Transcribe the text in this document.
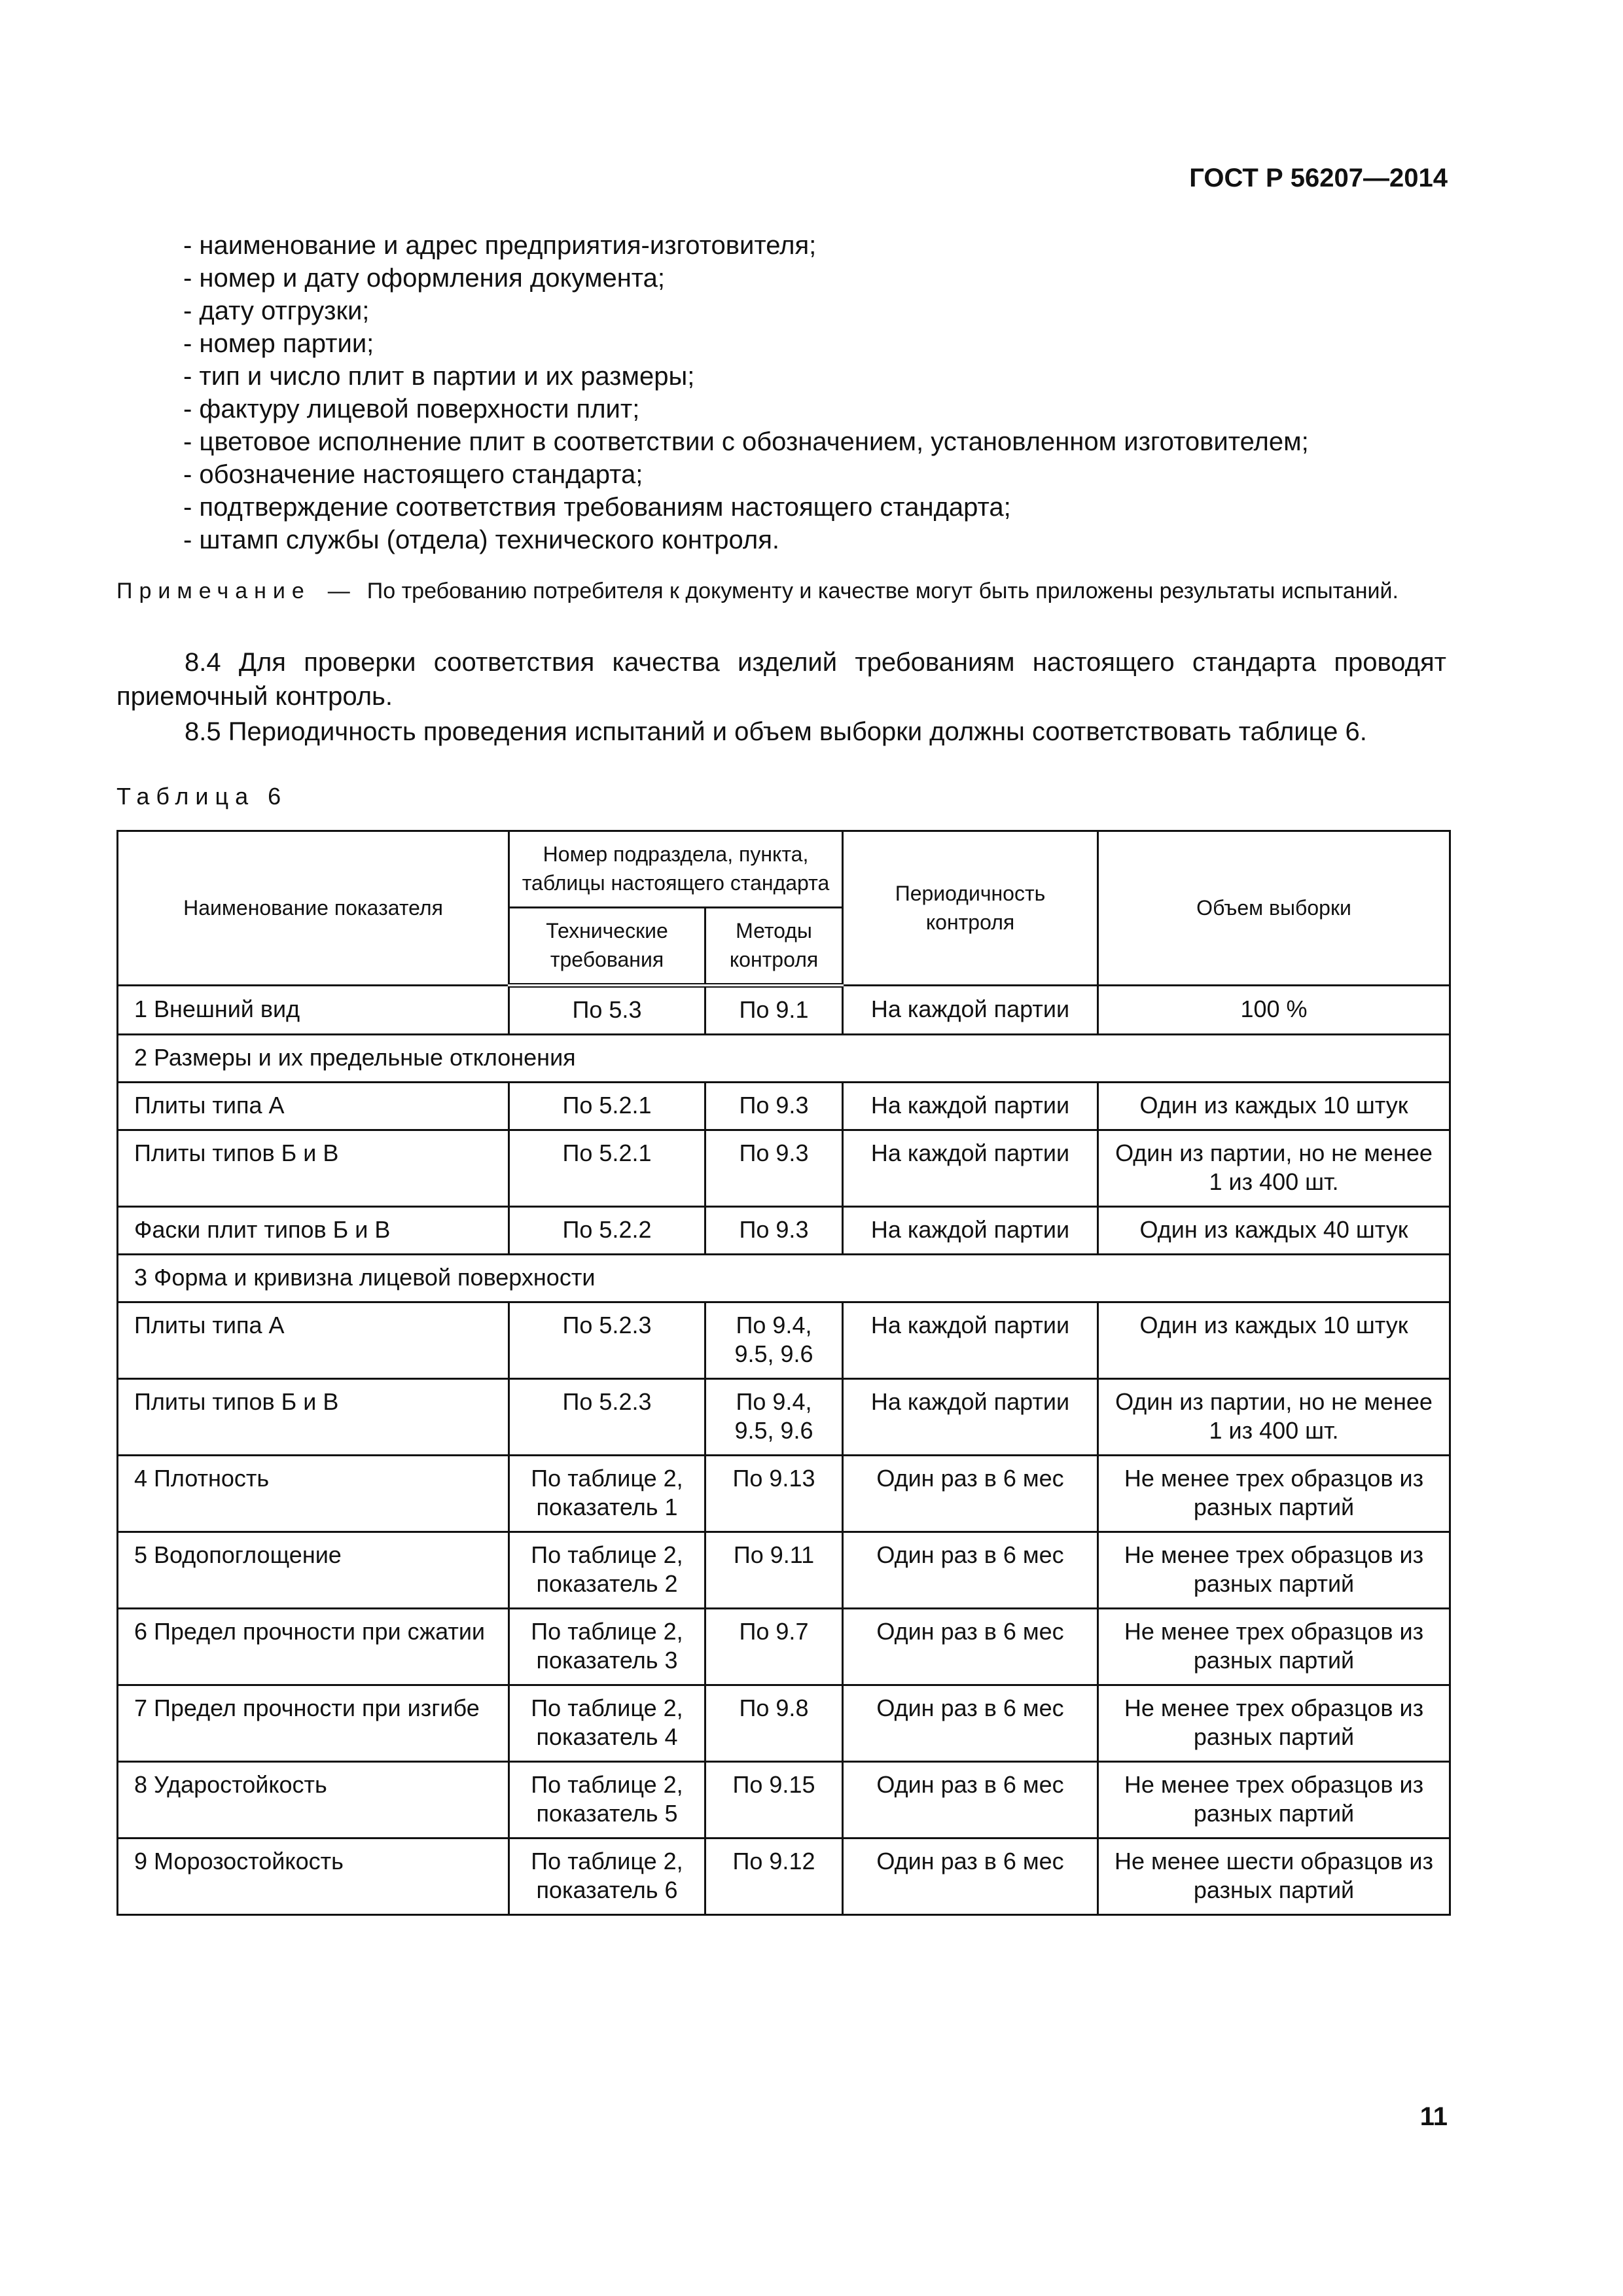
ГОСТ Р 56207—2014
- наименование и адрес предприятия-изготовителя;
- номер и дату оформления документа;
- дату отгрузки;
- номер партии;
- тип и число плит в партии и их размеры;
- фактуру лицевой поверхности плит;
- цветовое исполнение плит в соответствии с обозначением, установленном изготовителем;
- обозначение настоящего стандарта;
- подтверждение соответствия требованиям настоящего стандарта;
- штамп службы (отдела) технического контроля.
Примечание — По требованию потребителя к документу и качестве могут быть приложены результаты испытаний.

8.4 Для проверки соответствия качества изделий требованиям настоящего стандарта проводят приемочный контроль.

8.5 Периодичность проведения испытаний и объем выборки должны соответствовать таблице 6.

Таблица 6
Наименование показателя	Номер подраздела, пункта, таблицы настоящего стандарта		Периодичность контроля	Объем выборки
	Технические требования	Методы контроля		
1 Внешний вид	По 5.3	По 9.1	На каждой партии	100 %
2 Размеры и их предельные отклонения				
Плиты типа А	По 5.2.1	По 9.3	На каждой партии	Один из каждых 10 штук
Плиты типов Б и В	По 5.2.1	По 9.3	На каждой партии	Один из партии, но не менее 1 из 400 шт.
Фаски плит типов Б и В	По 5.2.2	По 9.3	На каждой партии	Один из каждых 40 штук
3 Форма и кривизна лицевой поверхности				
Плиты типа А	По 5.2.3	По 9.4, 9.5, 9.6	На каждой партии	Один из каждых 10 штук
Плиты типов Б и В	По 5.2.3	По 9.4, 9.5, 9.6	На каждой партии	Один из партии, но не менее 1 из 400 шт.
4 Плотность	По таблице 2, показатель 1	По 9.13	Один раз в 6 мес	Не менее трех образцов из разных партий
5 Водопоглощение	По таблице 2, показатель 2	По 9.11	Один раз в 6 мес	Не менее трех образцов из разных партий
6 Предел прочности при сжатии	По таблице 2, показатель 3	По 9.7	Один раз в 6 мес	Не менее трех образцов из разных партий
7 Предел прочности при изгибе	По таблице 2, показатель 4	По 9.8	Один раз в 6 мес	Не менее трех образцов из разных партий
8 Ударостойкость	По таблице 2, показатель 5	По 9.15	Один раз в 6 мес	Не менее трех образцов из разных партий
9 Морозостойкость	По таблице 2, показатель 6	По 9.12	Один раз в 6 мес	Не менее шести образцов из разных партий
11
